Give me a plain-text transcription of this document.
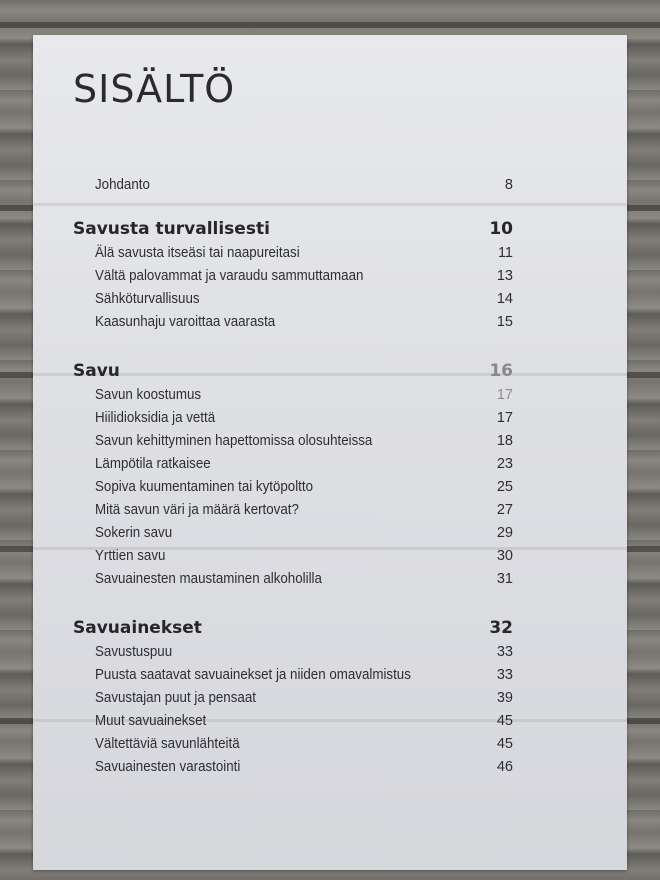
SISÄLTÖ
Johdanto	8
Savusta turvallisesti	10
Älä savusta itseäsi tai naapureitasi	11
Vältä palovammat ja varaudu sammuttamaan	13
Sähköturvallisuus	14
Kaasunhaju varoittaa vaarasta	15
Savu	16
Savun koostumus	17
Hiilidioksidia ja vettä	17
Savun kehittyminen hapettomissa olosuhteissa	18
Lämpötila ratkaisee	23
Sopiva kuumentaminen tai kytöpoltto	25
Mitä savun väri ja määrä kertovat?	27
Sokerin savu	29
Yrttien savu	30
Savuainesten maustaminen alkoholilla	31
Savuainekset	32
Savustuspuu	33
Puusta saatavat savuainekset ja niiden omavalmistus	33
Savustajan puut ja pensaat	39
Muut savuainekset	45
Vältettäviä savunlähteitä	45
Savuainesten varastointi	46
